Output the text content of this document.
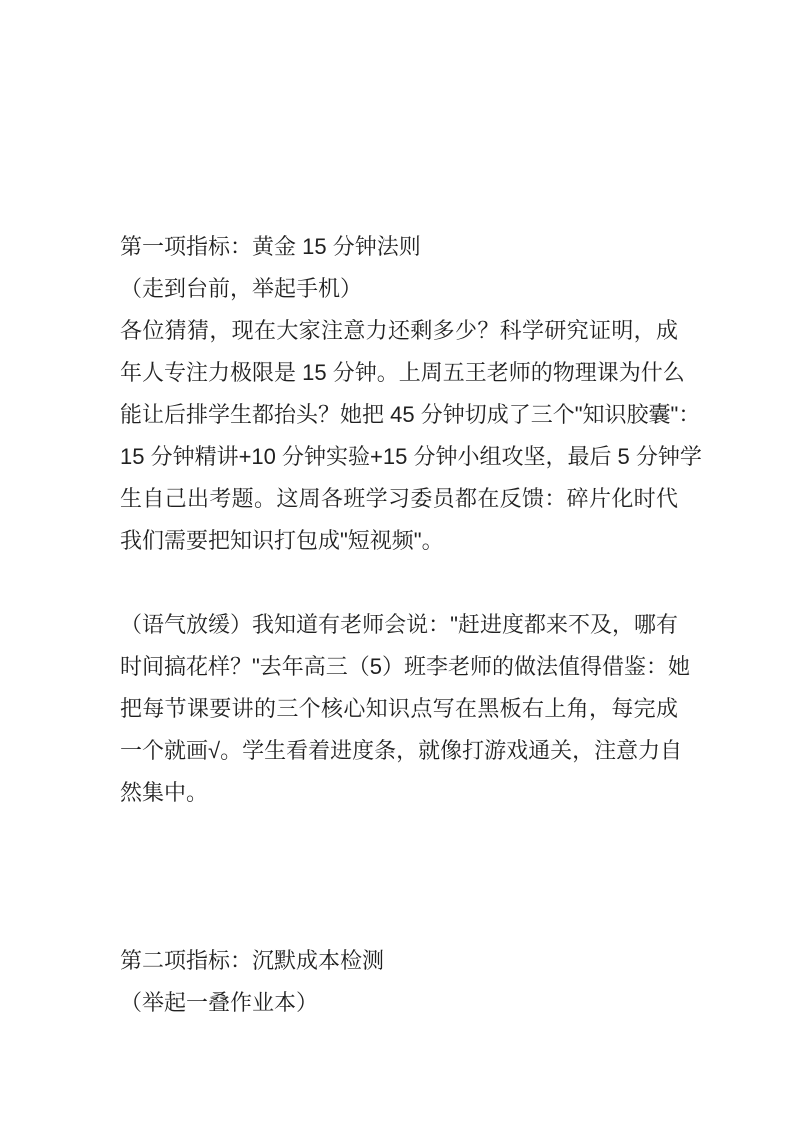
第一项指标：黄金 15 分钟法则
（走到台前，举起手机）
各位猜猜，现在大家注意力还剩多少？科学研究证明，成
年人专注力极限是 15 分钟。上周五王老师的物理课为什么
能让后排学生都抬头？她把 45 分钟切成了三个"知识胶囊"：
15 分钟精讲+10 分钟实验+15 分钟小组攻坚，最后 5 分钟学
生自己出考题。这周各班学习委员都在反馈：碎片化时代
我们需要把知识打包成"短视频"。
（语气放缓）我知道有老师会说："赶进度都来不及，哪有
时间搞花样？"去年高三（5）班李老师的做法值得借鉴：她
把每节课要讲的三个核心知识点写在黑板右上角，每完成
一个就画√。学生看着进度条，就像打游戏通关，注意力自
然集中。
第二项指标：沉默成本检测
（举起一叠作业本）
